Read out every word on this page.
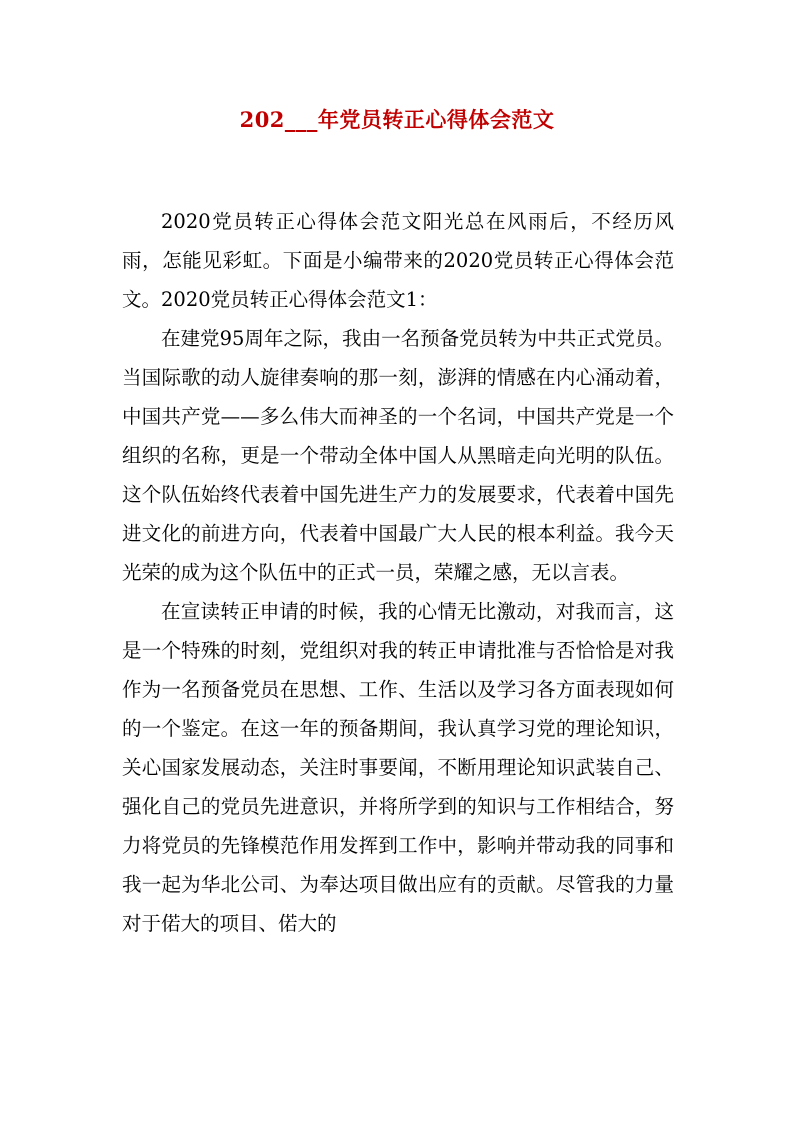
202___年党员转正心得体会范文

2020党员转正心得体会范文阳光总在风雨后，不经历风雨，怎能见彩虹。下面是小编带来的2020党员转正心得体会范文。2020党员转正心得体会范文1：

在建党95周年之际，我由一名预备党员转为中共正式党员。当国际歌的动人旋律奏响的那一刻，澎湃的情感在内心涌动着，中国共产党——多么伟大而神圣的一个名词，中国共产党是一个组织的名称，更是一个带动全体中国人从黑暗走向光明的队伍。这个队伍始终代表着中国先进生产力的发展要求，代表着中国先进文化的前进方向，代表着中国最广大人民的根本利益。我今天光荣的成为这个队伍中的正式一员，荣耀之感，无以言表。

在宣读转正申请的时候，我的心情无比激动，对我而言，这是一个特殊的时刻，党组织对我的转正申请批准与否恰恰是对我作为一名预备党员在思想、工作、生活以及学习各方面表现如何的一个鉴定。在这一年的预备期间，我认真学习党的理论知识，关心国家发展动态，关注时事要闻，不断用理论知识武装自己、强化自己的党员先进意识，并将所学到的知识与工作相结合，努力将党员的先锋模范作用发挥到工作中，影响并带动我的同事和我一起为华北公司、为奉达项目做出应有的贡献。尽管我的力量对于偌大的项目、偌大的
